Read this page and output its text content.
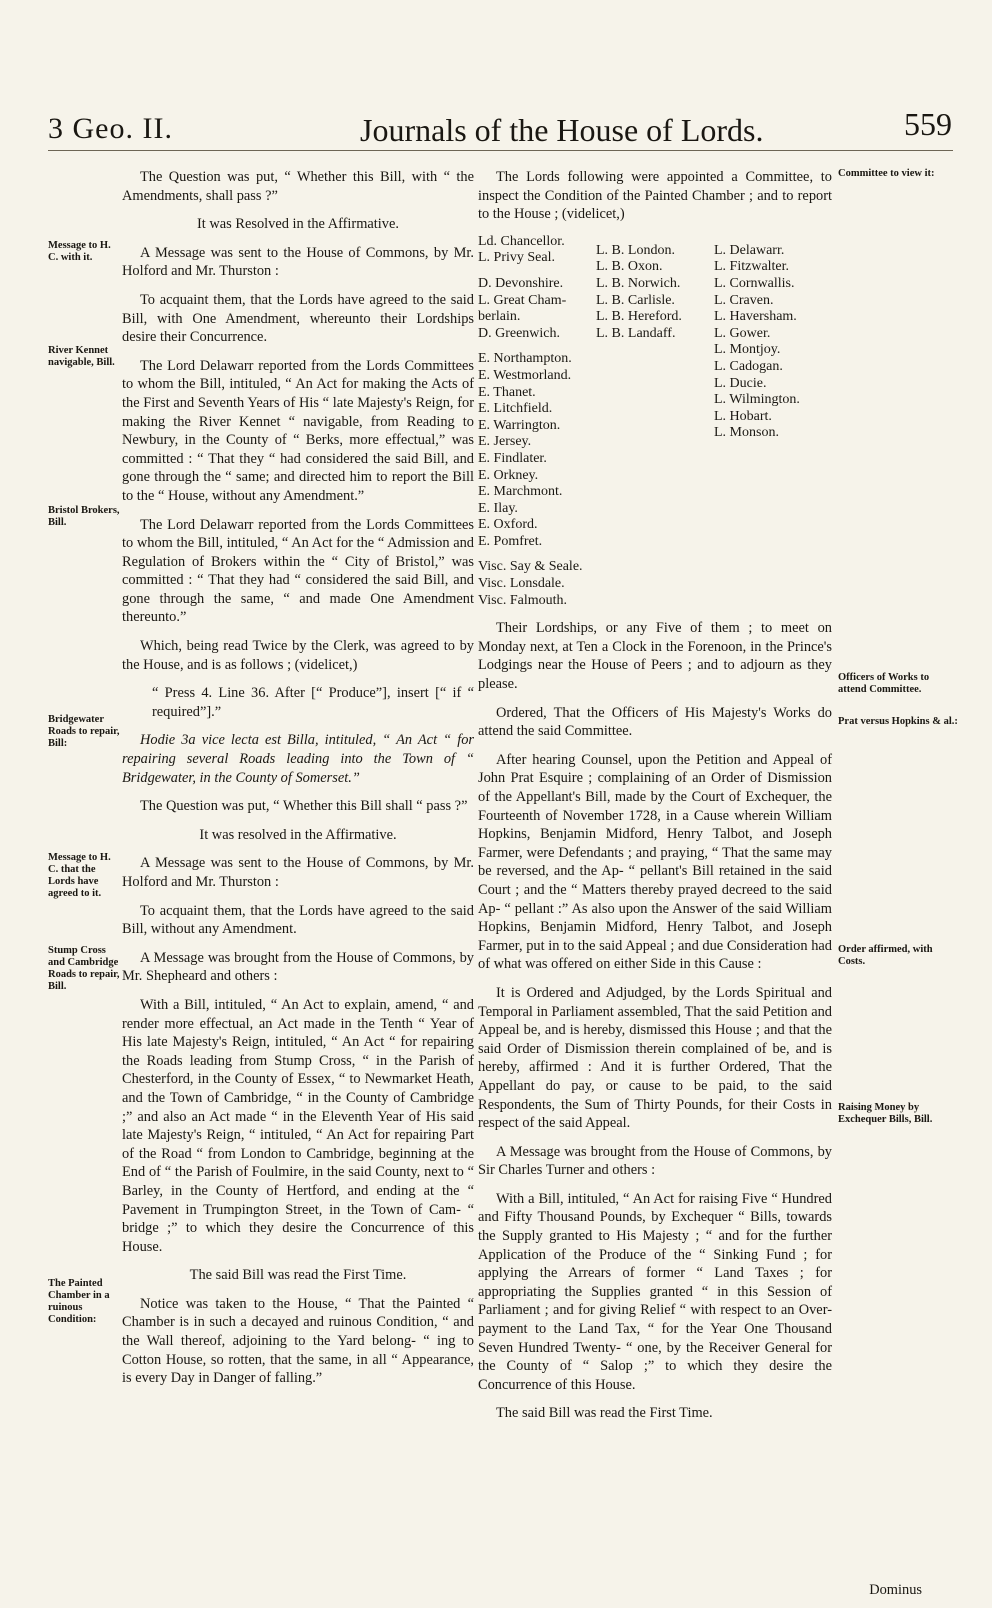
3 Geo. II.	Journals of the House of Lords.	559
Message to H. C. with it.
River Kennet navigable, Bill.
Bristol Brokers, Bill.
Bridgewater Roads to repair, Bill:
Message to H. C. that the Lords have agreed to it.
Stump Cross and Cambridge Roads to repair, Bill.
The Painted Chamber in a ruinous Condition:
Committee to view it:
Officers of Works to attend Committee.
Prat versus Hopkins & al.:
Order affirmed, with Costs.
Raising Money by Exchequer Bills, Bill.

The Question was put, “ Whether this Bill, with “ the Amendments, shall pass ?”

It was Resolved in the Affirmative.

A Message was sent to the House of Commons, by Mr. Holford and Mr. Thurston :

To acquaint them, that the Lords have agreed to the said Bill, with One Amendment, whereunto their Lordships desire their Concurrence.

The Lord Delawarr reported from the Lords Committees to whom the Bill, intituled, “ An Act for making the Acts of the First and Seventh Years of His “ late Majesty's Reign, for making the River Kennet “ navigable, from Reading to Newbury, in the County of “ Berks, more effectual,” was committed : “ That they “ had considered the said Bill, and gone through the “ same; and directed him to report the Bill to the “ House, without any Amendment.”

The Lord Delawarr reported from the Lords Committees to whom the Bill, intituled, “ An Act for the “ Admission and Regulation of Brokers within the “ City of Bristol,” was committed : “ That they had “ considered the said Bill, and gone through the same, “ and made One Amendment thereunto.”

Which, being read Twice by the Clerk, was agreed to by the House, and is as follows ; (videlicet,)

“ Press 4. Line 36. After [“ Produce”], insert [“ if “ required”].”

Hodie 3a vice lecta est Billa, intituled, “ An Act “ for repairing several Roads leading into the Town of “ Bridgewater, in the County of Somerset.”

The Question was put, “ Whether this Bill shall “ pass ?”

It was resolved in the Affirmative.

A Message was sent to the House of Commons, by Mr. Holford and Mr. Thurston :

To acquaint them, that the Lords have agreed to the said Bill, without any Amendment.

A Message was brought from the House of Commons, by Mr. Shepheard and others :

With a Bill, intituled, “ An Act to explain, amend, “ and render more effectual, an Act made in the Tenth “ Year of His late Majesty's Reign, intituled, “ An Act “ for repairing the Roads leading from Stump Cross, “ in the Parish of Chesterford, in the County of Essex, “ to Newmarket Heath, and the Town of Cambridge, “ in the County of Cambridge ;” and also an Act made “ in the Eleventh Year of His said late Majesty's Reign, “ intituled, “ An Act for repairing Part of the Road “ from London to Cambridge, beginning at the End of “ the Parish of Foulmire, in the said County, next to “ Barley, in the County of Hertford, and ending at the “ Pavement in Trumpington Street, in the Town of Cam- “ bridge ;” to which they desire the Concurrence of this House.

The said Bill was read the First Time.

Notice was taken to the House, “ That the Painted “ Chamber is in such a decayed and ruinous Condition, “ and the Wall thereof, adjoining to the Yard belong- “ ing to Cotton House, so rotten, that the same, in all “ Appearance, is every Day in Danger of falling.”

The Lords following were appointed a Committee, to inspect the Condition of the Painted Chamber ; and to report to the House ; (videlicet,)

Ld. Chancellor.
L. Privy Seal.
D. Devonshire.
L. Great Cham-
berlain.
D. Greenwich.
E. Northampton.
E. Westmorland.
E. Thanet.
E. Litchfield.
E. Warrington.
E. Jersey.
E. Findlater.
E. Orkney.
E. Marchmont.
E. Ilay.
E. Oxford.
E. Pomfret.
Visc. Say & Seale.
Visc. Lonsdale.
Visc. Falmouth.
L. B. London.
L. B. Oxon.
L. B. Norwich.
L. B. Carlisle.
L. B. Hereford.
L. B. Landaff.
L. Delawarr.
L. Fitzwalter.
L. Cornwallis.
L. Craven.
L. Haversham.
L. Gower.
L. Montjoy.
L. Cadogan.
L. Ducie.
L. Wilmington.
L. Hobart.
L. Monson.

Their Lordships, or any Five of them ; to meet on Monday next, at Ten a Clock in the Forenoon, in the Prince's Lodgings near the House of Peers ; and to adjourn as they please.

Ordered, That the Officers of His Majesty's Works do attend the said Committee.

After hearing Counsel, upon the Petition and Appeal of John Prat Esquire ; complaining of an Order of Dismission of the Appellant's Bill, made by the Court of Exchequer, the Fourteenth of November 1728, in a Cause wherein William Hopkins, Benjamin Midford, Henry Talbot, and Joseph Farmer, were Defendants ; and praying, “ That the same may be reversed, and the Ap- “ pellant's Bill retained in the said Court ; and the “ Matters thereby prayed decreed to the said Ap- “ pellant :” As also upon the Answer of the said William Hopkins, Benjamin Midford, Henry Talbot, and Joseph Farmer, put in to the said Appeal ; and due Consideration had of what was offered on either Side in this Cause :

It is Ordered and Adjudged, by the Lords Spiritual and Temporal in Parliament assembled, That the said Petition and Appeal be, and is hereby, dismissed this House ; and that the said Order of Dismission therein complained of be, and is hereby, affirmed : And it is further Ordered, That the Appellant do pay, or cause to be paid, to the said Respondents, the Sum of Thirty Pounds, for their Costs in respect of the said Appeal.

A Message was brought from the House of Commons, by Sir Charles Turner and others :

With a Bill, intituled, “ An Act for raising Five “ Hundred and Fifty Thousand Pounds, by Exchequer “ Bills, towards the Supply granted to His Majesty ; “ and for the further Application of the Produce of the “ Sinking Fund ; for applying the Arrears of former “ Land Taxes ; for appropriating the Supplies granted “ in this Session of Parliament ; and for giving Relief “ with respect to an Over-payment to the Land Tax, “ for the Year One Thousand Seven Hundred Twenty- “ one, by the Receiver General for the County of “ Salop ;” to which they desire the Concurrence of this House.

The said Bill was read the First Time.

Dominus
